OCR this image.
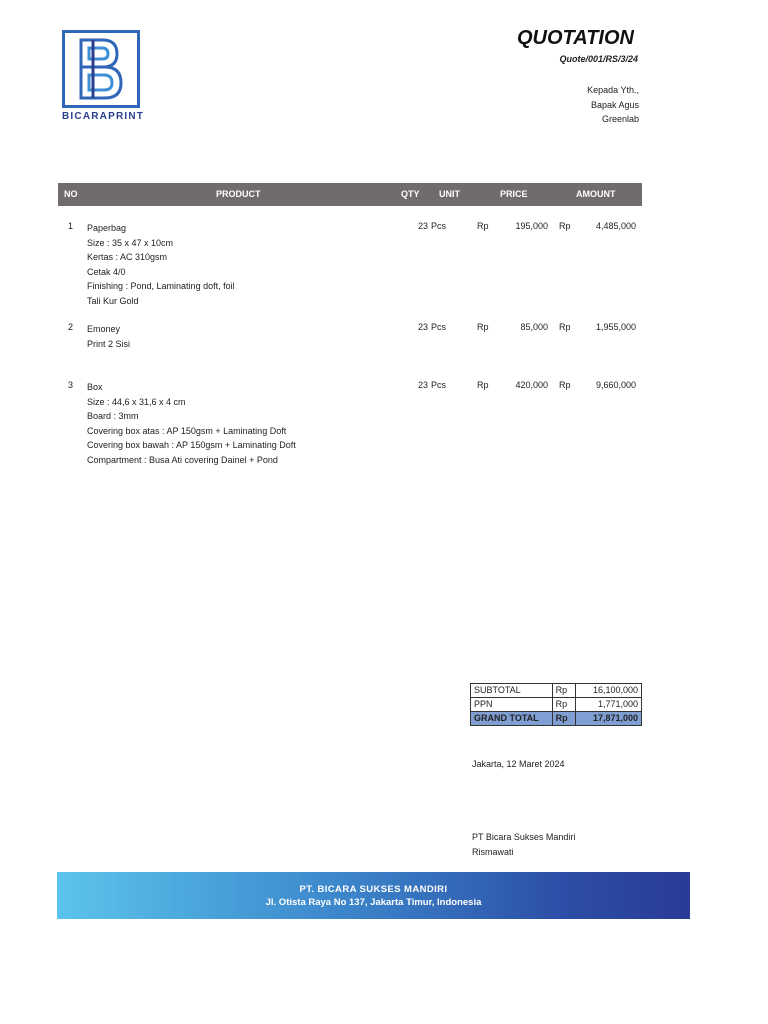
BICARAPRINT
QUOTATION
Quote/001/RS/3/24
Kepada Yth.,
Bapak Agus
Greenlab
NO	PRODUCT	QTY UNIT	PRICE	AMOUNT
1 Paperbag
Size : 35 x 47 x 10cm
Kertas : AC 310gsm
Cetak 4/0
Finishing : Pond, Laminating doft, foil
Tali Kur Gold
23 Pcs	Rp	195,000 Rp	4,485,000
2 Emoney
Print 2 Sisi
23 Pcs	Rp	85,000 Rp	1,955,000
3 Box
Size : 44,6 x 31,6 x 4 cm
Board : 3mm
Covering box atas : AP 150gsm + Laminating Doft
Covering box bawah : AP 150gsm + Laminating Doft
Compartment : Busa Ati covering Dainel + Pond
23 Pcs	Rp	420,000 Rp	9,660,000
SUBTOTAL	Rp	16,100,000
PPN	Rp	1,771,000
GRAND TOTAL	Rp	17,871,000
Jakarta, 12 Maret 2024
PT Bicara Sukses Mandiri
Rismawati
PT. BICARA SUKSES MANDIRI
Jl. Otista Raya No 137, Jakarta Timur, Indonesia
